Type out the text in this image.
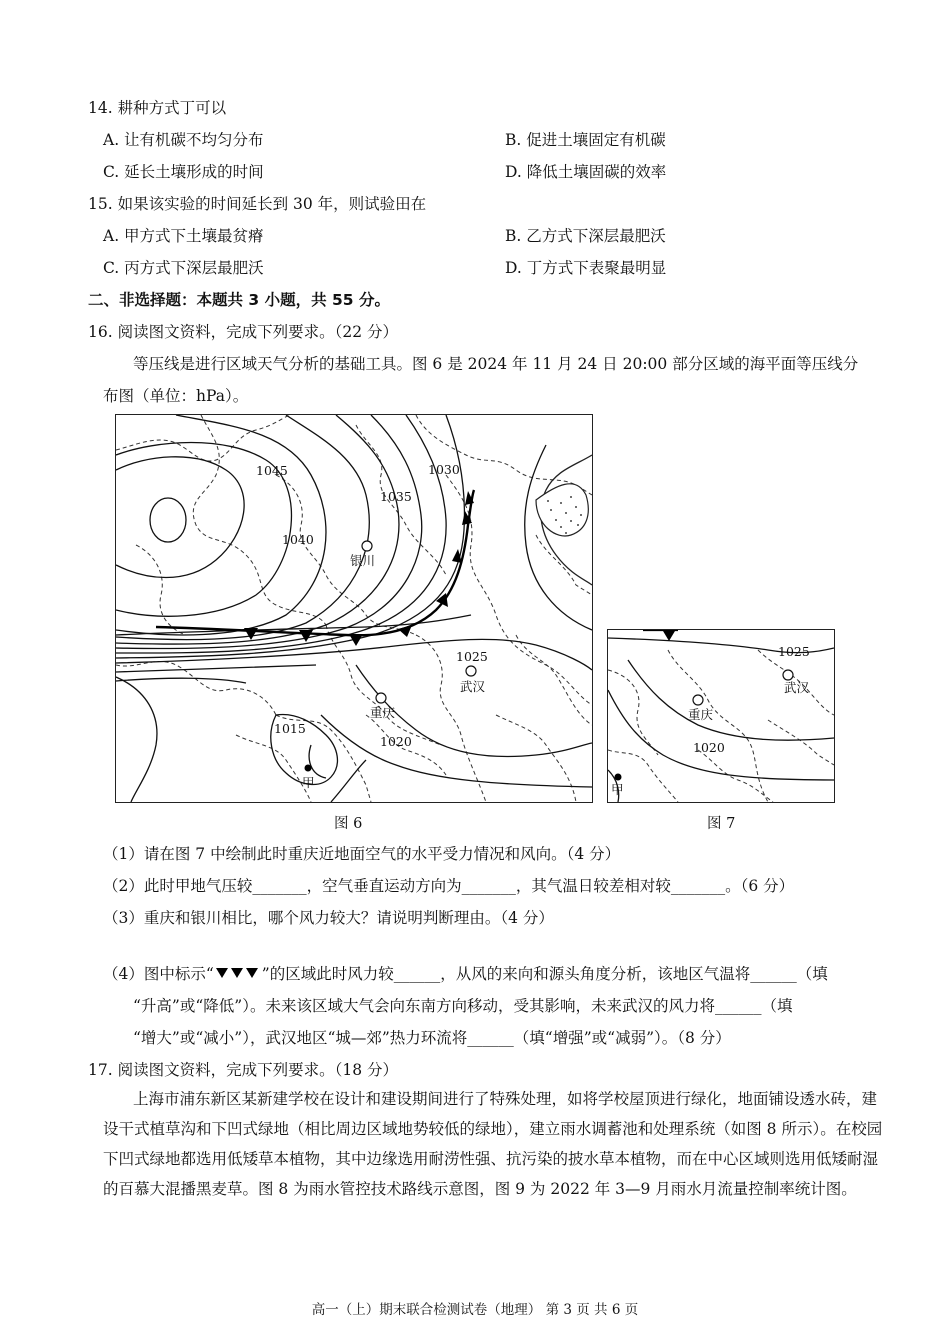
14. 耕种方式丁可以
A. 让有机碳不均匀分布	B. 促进土壤固定有机碳
C. 延长土壤形成的时间	D. 降低土壤固碳的效率
15. 如果该实验的时间延长到 30 年，则试验田在
A. 甲方式下土壤最贫瘠	B. 乙方式下深层最肥沃
C. 丙方式下深层最肥沃	D. 丁方式下表聚最明显
二、非选择题：本题共 3 小题，共 55 分。
16. 阅读图文资料，完成下列要求。（22 分）
等压线是进行区域天气分析的基础工具。图 6 是 2024 年 11 月 24 日 20:00 部分区域的海平面等压线分
布图（单位：hPa）。
1045
1040
1035
1030
1025
1020
1015
银川
武汉
重庆
甲
图 6
1025
1020
武汉
重庆
甲
图 7
（1）请在图 7 中绘制此时重庆近地面空气的水平受力情况和风向。（4 分）
（2）此时甲地气压较_______，空气垂直运动方向为_______，其气温日较差相对较_______。（6 分）
（3）重庆和银川相比，哪个风力较大？请说明判断理由。（4 分）
（4）图中标示“	”的区域此时风力较______，从风的来向和源头角度分析，该地区气温将______（填
“升高”或“降低”）。未来该区域大气会向东南方向移动，受其影响，未来武汉的风力将______（填
“增大”或“减小”），武汉地区“城—郊”热力环流将______（填“增强”或“减弱”）。（8 分）
17. 阅读图文资料，完成下列要求。（18 分）
上海市浦东新区某新建学校在设计和建设期间进行了特殊处理，如将学校屋顶进行绿化，地面铺设透水砖，建设干式植草沟和下凹式绿地（相比周边区域地势较低的绿地），建立雨水调蓄池和处理系统（如图 8 所示）。在校园下凹式绿地都选用低矮草本植物，其中边缘选用耐涝性强、抗污染的披水草本植物，而在中心区域则选用低矮耐湿的百慕大混播黑麦草。图 8 为雨水管控技术路线示意图，图 9 为 2022 年 3—9 月雨水月流量控制率统计图。
高一（上）期末联合检测试卷（地理） 第 3 页 共 6 页
